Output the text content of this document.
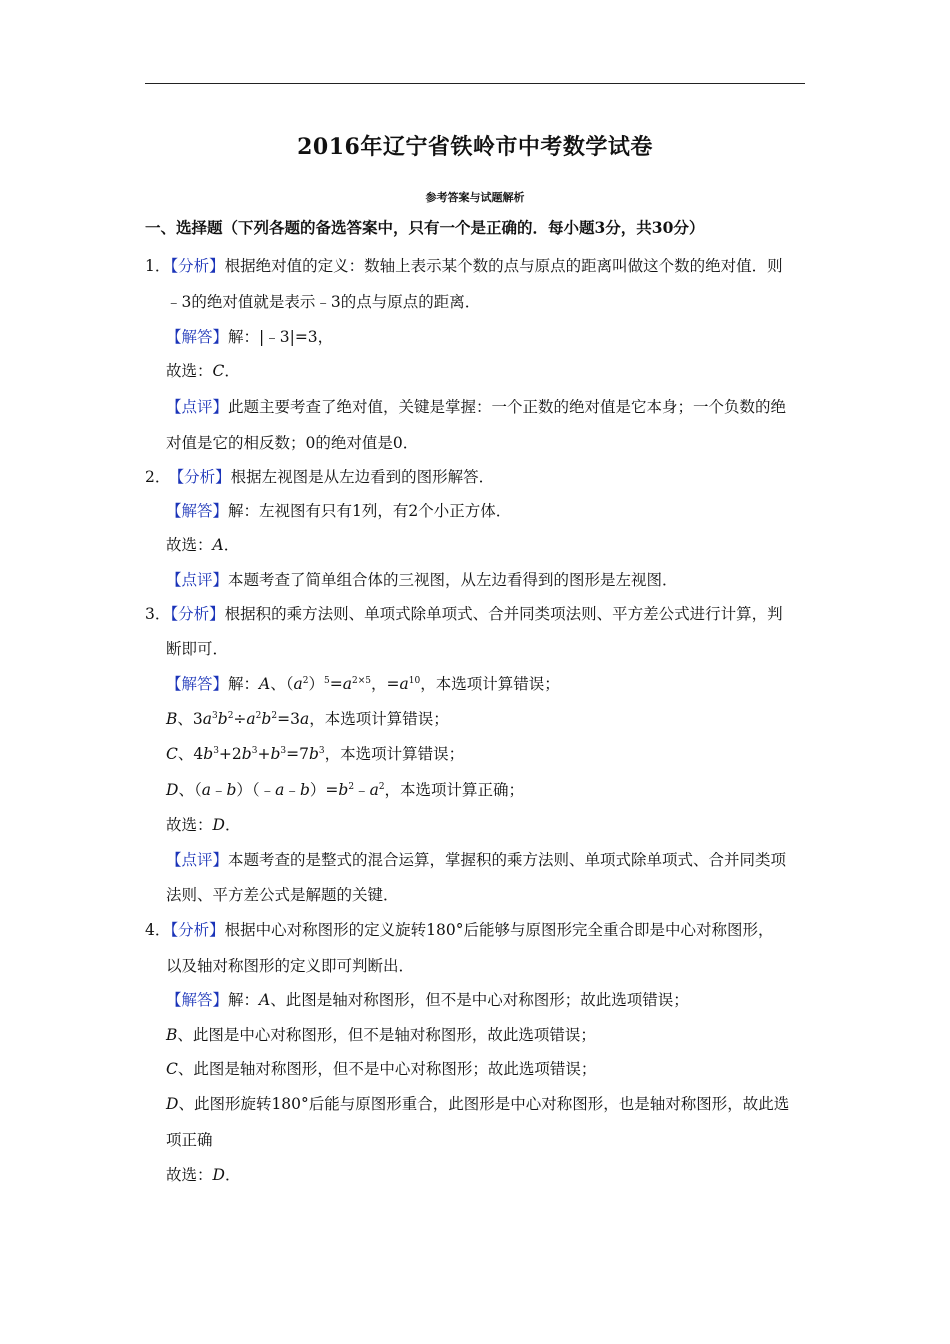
2016年辽宁省铁岭市中考数学试卷
参考答案与试题解析
一、选择题（下列各题的备选答案中，只有一个是正确的．每小题3分，共30分）
1．【分析】根据绝对值的定义：数轴上表示某个数的点与原点的距离叫做这个数的绝对值．则
﹣3的绝对值就是表示﹣3的点与原点的距离．
【解答】解：|﹣3|=3，
故选：C．
【点评】此题主要考查了绝对值，关键是掌握：一个正数的绝对值是它本身；一个负数的绝
对值是它的相反数；0的绝对值是0．
2． 【分析】根据左视图是从左边看到的图形解答．
【解答】解：左视图有只有1列，有2个小正方体．
故选：A．
【点评】本题考查了简单组合体的三视图，从左边看得到的图形是左视图．
3．【分析】根据积的乘方法则、单项式除单项式、合并同类项法则、平方差公式进行计算，判
断即可．
【解答】解：A、$(a^2)^5=a^{2\times 5}$，$=a^{10}$，本选项计算错误；
B、$3a^3b^2\div a^2b^2=3a$，本选项计算错误；
C、$4b^3+2b^3+b^3=7b^3$，本选项计算错误；
D、$(a﹣b)(﹣a﹣b)=b^2﹣a^2$，本选项计算正确；
故选：D．
【点评】本题考查的是整式的混合运算，掌握积的乘方法则、单项式除单项式、合并同类项
法则、平方差公式是解题的关键．
4．【分析】根据中心对称图形的定义旋转180°后能够与原图形完全重合即是中心对称图形，
以及轴对称图形的定义即可判断出．
【解答】解：A、此图是轴对称图形，但不是中心对称图形；故此选项错误；
B、此图是中心对称图形，但不是轴对称图形，故此选项错误；
C、此图是轴对称图形，但不是中心对称图形；故此选项错误；
D、此图形旋转180°后能与原图形重合，此图形是中心对称图形，也是轴对称图形，故此选
项正确
故选：D．
